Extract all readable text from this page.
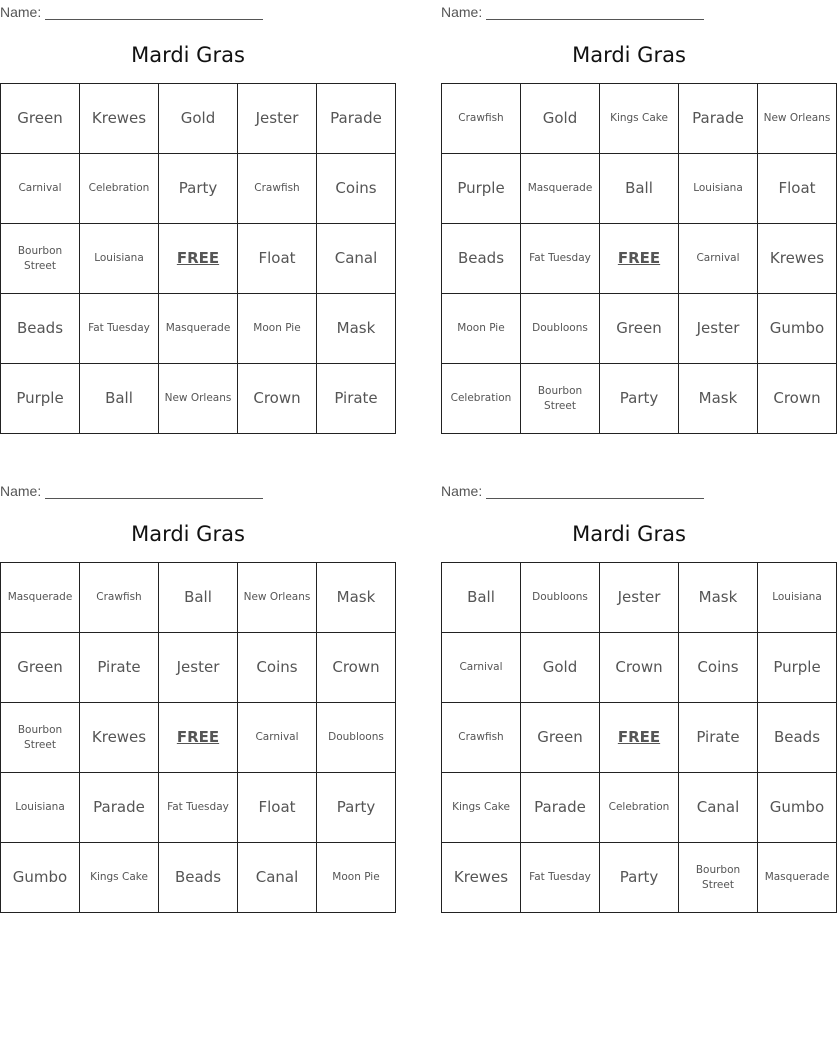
Name:
Mardi Gras
Green	Krewes	Gold	Jester	Parade
Carnival	Celebration	Party	Crawfish	Coins
Bourbon Street	Louisiana	FREE	Float	Canal
Beads	Fat Tuesday	Masquerade	Moon Pie	Mask
Purple	Ball	New Orleans	Crown	Pirate
Name:
Mardi Gras
Crawfish	Gold	Kings Cake	Parade	New Orleans
Purple	Masquerade	Ball	Louisiana	Float
Beads	Fat Tuesday	FREE	Carnival	Krewes
Moon Pie	Doubloons	Green	Jester	Gumbo
Celebration	Bourbon Street	Party	Mask	Crown
Name:
Mardi Gras
Masquerade	Crawfish	Ball	New Orleans	Mask
Green	Pirate	Jester	Coins	Crown
Bourbon Street	Krewes	FREE	Carnival	Doubloons
Louisiana	Parade	Fat Tuesday	Float	Party
Gumbo	Kings Cake	Beads	Canal	Moon Pie
Name:
Mardi Gras
Ball	Doubloons	Jester	Mask	Louisiana
Carnival	Gold	Crown	Coins	Purple
Crawfish	Green	FREE	Pirate	Beads
Kings Cake	Parade	Celebration	Canal	Gumbo
Krewes	Fat Tuesday	Party	Bourbon Street	Masquerade
